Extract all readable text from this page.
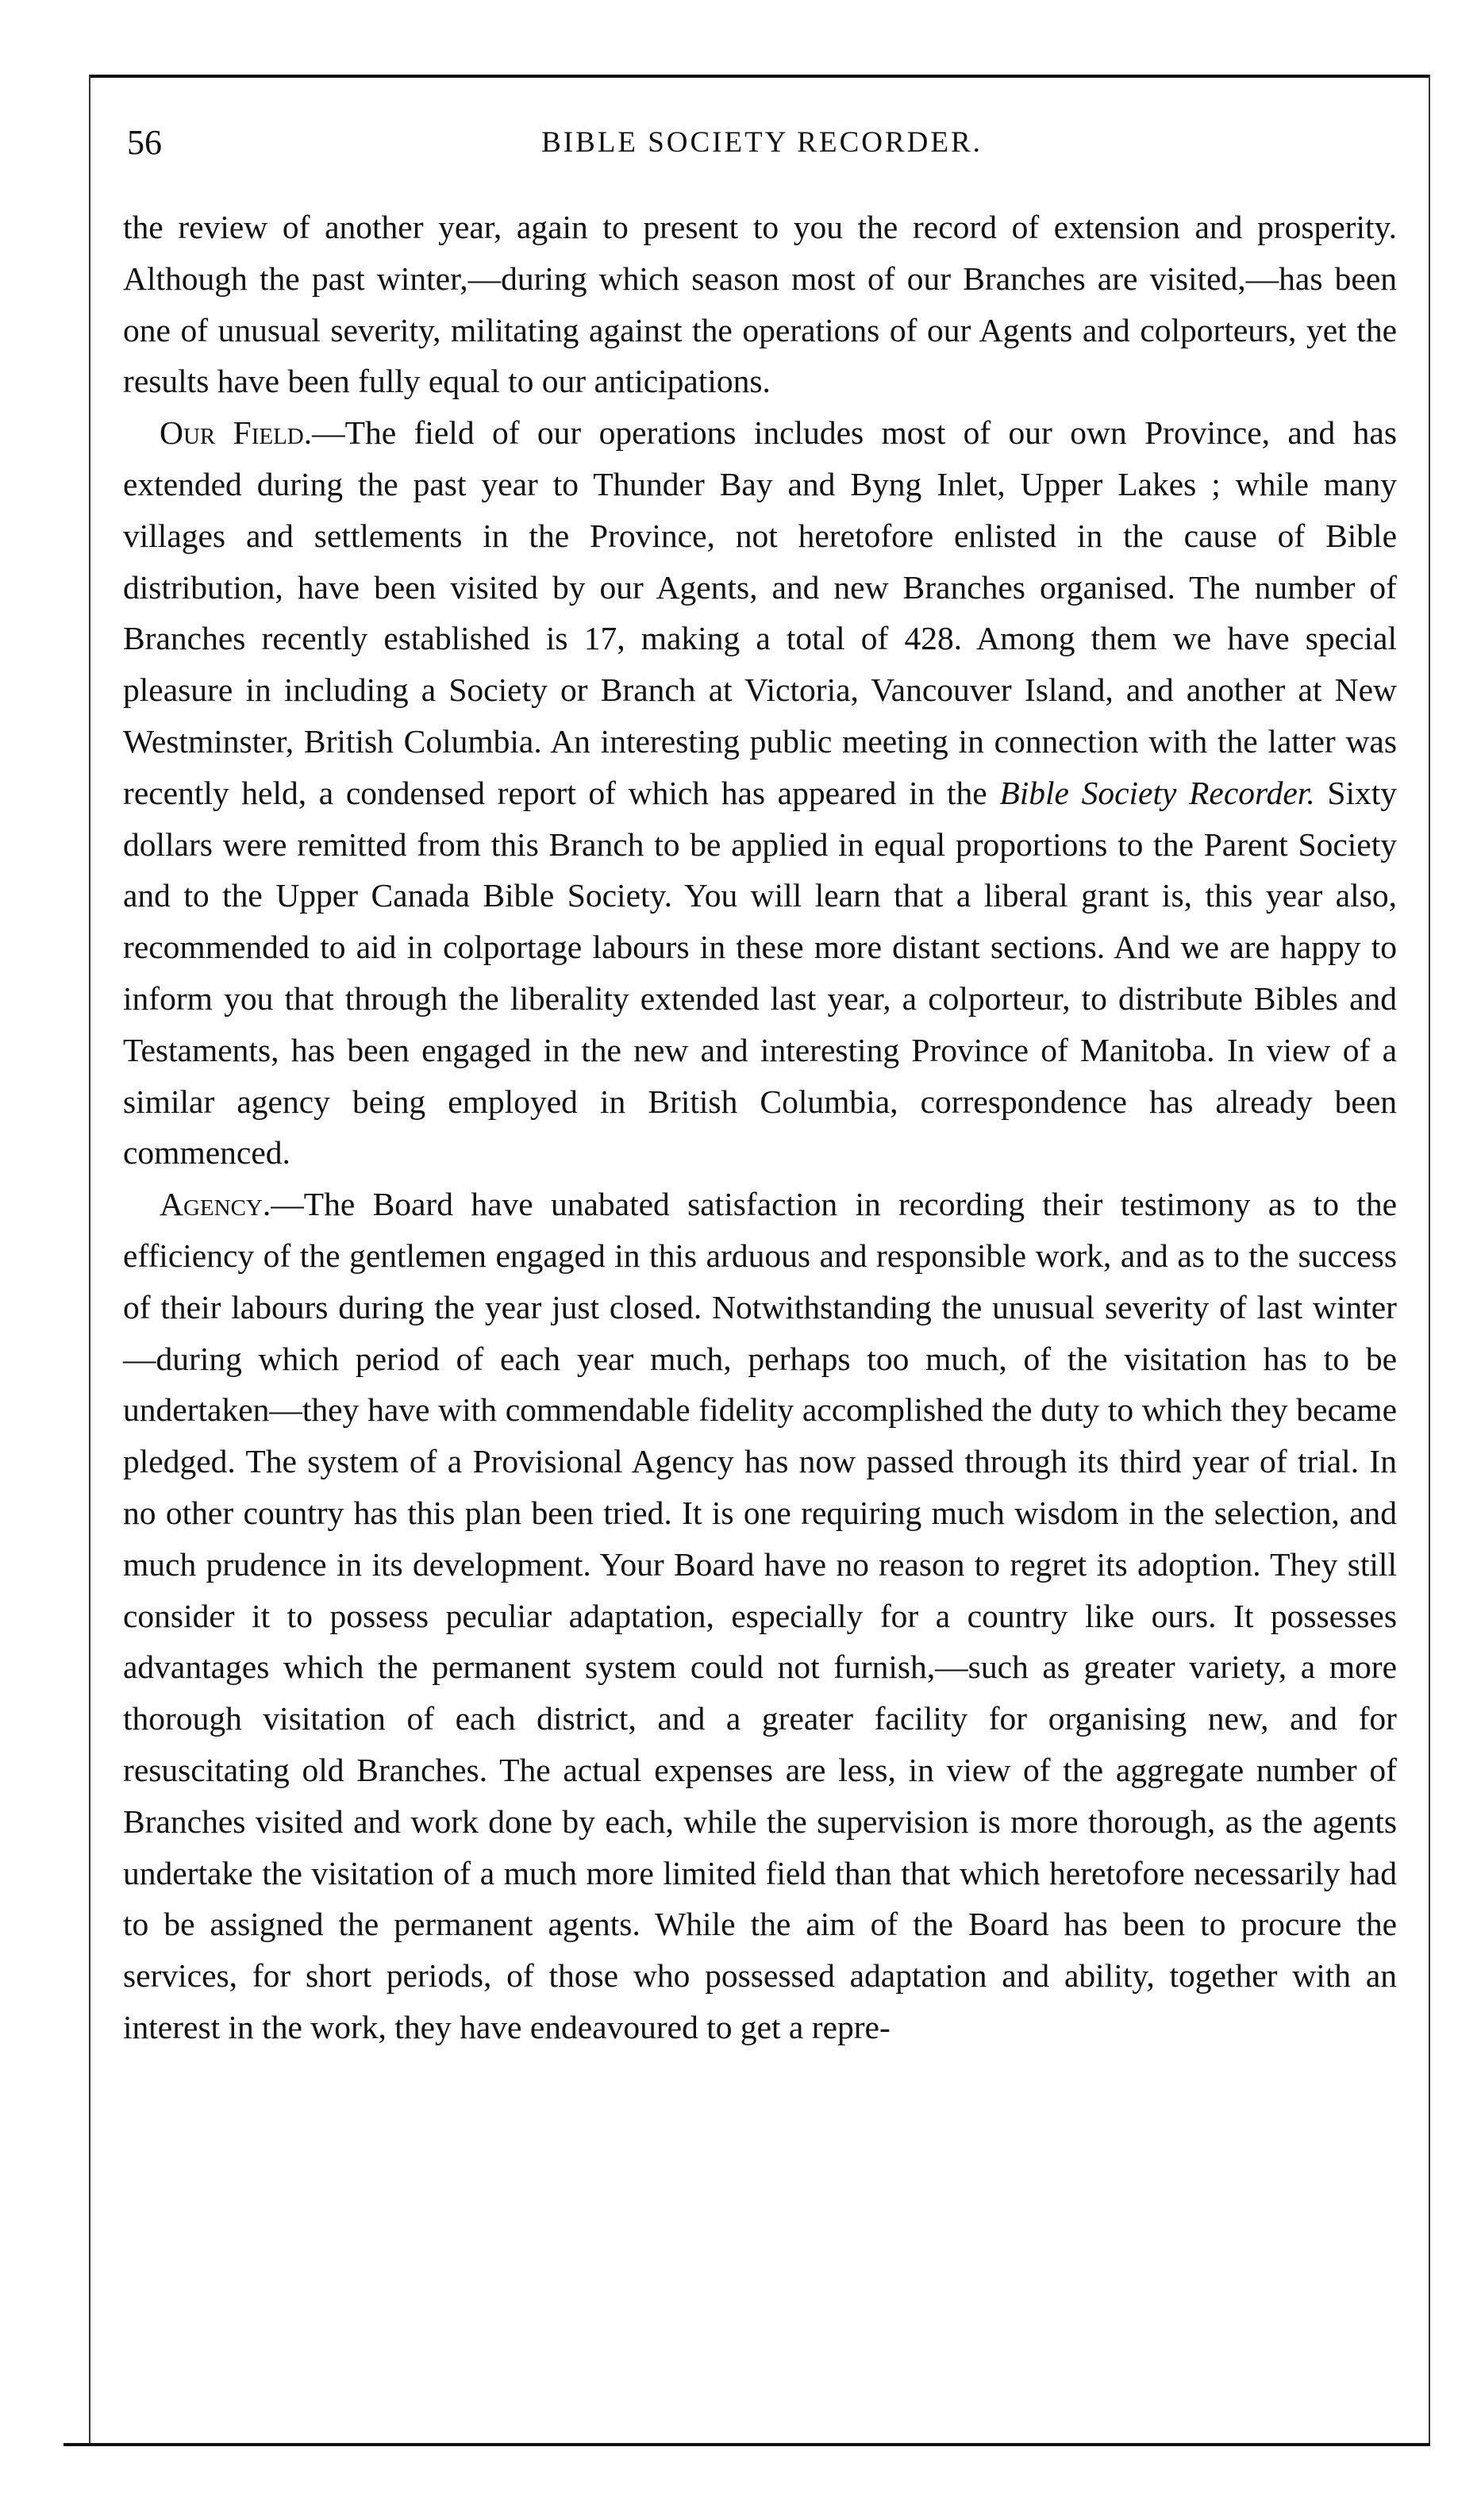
56	BIBLE SOCIETY RECORDER.

the review of another year, again to present to you the record of extension and prosperity. Although the past winter,—during which season most of our Branches are visited,—has been one of unusual severity, militating against the operations of our Agents and colporteurs, yet the results have been fully equal to our anticipations.

Our Field.—The field of our operations includes most of our own Province, and has extended during the past year to Thunder Bay and Byng Inlet, Upper Lakes ; while many villages and settlements in the Province, not heretofore enlisted in the cause of Bible distribution, have been visited by our Agents, and new Branches organised. The number of Branches recently established is 17, making a total of 428. Among them we have special pleasure in including a Society or Branch at Victoria, Vancouver Island, and another at New Westminster, British Columbia. An interesting public meeting in connection with the latter was recently held, a condensed report of which has appeared in the Bible Society Recorder. Sixty dollars were remitted from this Branch to be applied in equal proportions to the Parent Society and to the Upper Canada Bible Society. You will learn that a liberal grant is, this year also, recommended to aid in colportage labours in these more distant sections. And we are happy to inform you that through the liberality extended last year, a colporteur, to distribute Bibles and Testaments, has been engaged in the new and interesting Province of Manitoba. In view of a similar agency being employed in British Columbia, correspondence has already been commenced.

Agency.—The Board have unabated satisfaction in recording their testimony as to the efficiency of the gentlemen engaged in this arduous and responsible work, and as to the success of their labours during the year just closed. Notwithstanding the unusual severity of last winter—during which period of each year much, perhaps too much, of the visitation has to be undertaken—they have with commendable fidelity accomplished the duty to which they became pledged. The system of a Provisional Agency has now passed through its third year of trial. In no other country has this plan been tried. It is one requiring much wisdom in the selection, and much prudence in its development. Your Board have no reason to regret its adoption. They still consider it to possess peculiar adaptation, especially for a country like ours. It possesses advantages which the permanent system could not furnish,—such as greater variety, a more thorough visitation of each district, and a greater facility for organising new, and for resuscitating old Branches. The actual expenses are less, in view of the aggregate number of Branches visited and work done by each, while the supervision is more thorough, as the agents undertake the visitation of a much more limited field than that which heretofore necessarily had to be assigned the permanent agents. While the aim of the Board has been to procure the services, for short periods, of those who possessed adaptation and ability, together with an interest in the work, they have endeavoured to get a repre-
